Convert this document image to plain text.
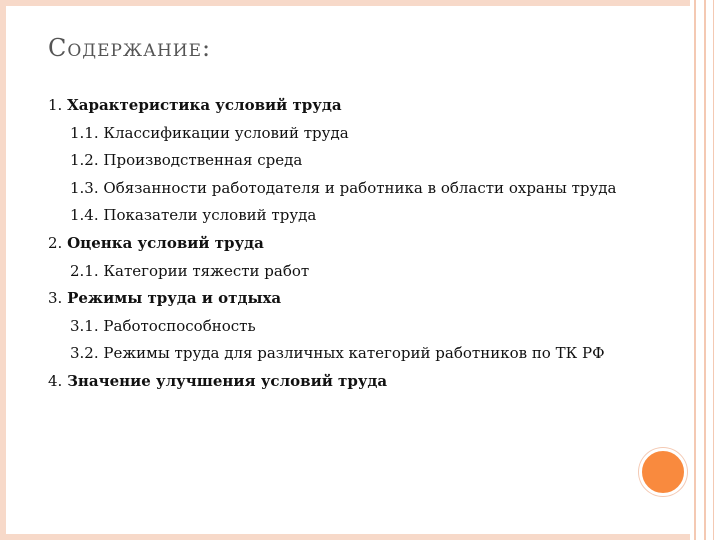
Содержание:
1. Характеристика условий труда
1.1. Классификации условий труда
1.2. Производственная среда
1.3. Обязанности работодателя и работника в области охраны труда
1.4. Показатели условий труда
2. Оценка условий труда
2.1. Категории тяжести работ
3. Режимы труда и отдыха
3.1. Работоспособность
3.2. Режимы труда для различных категорий работников по ТК РФ
4. Значение улучшения условий труда
